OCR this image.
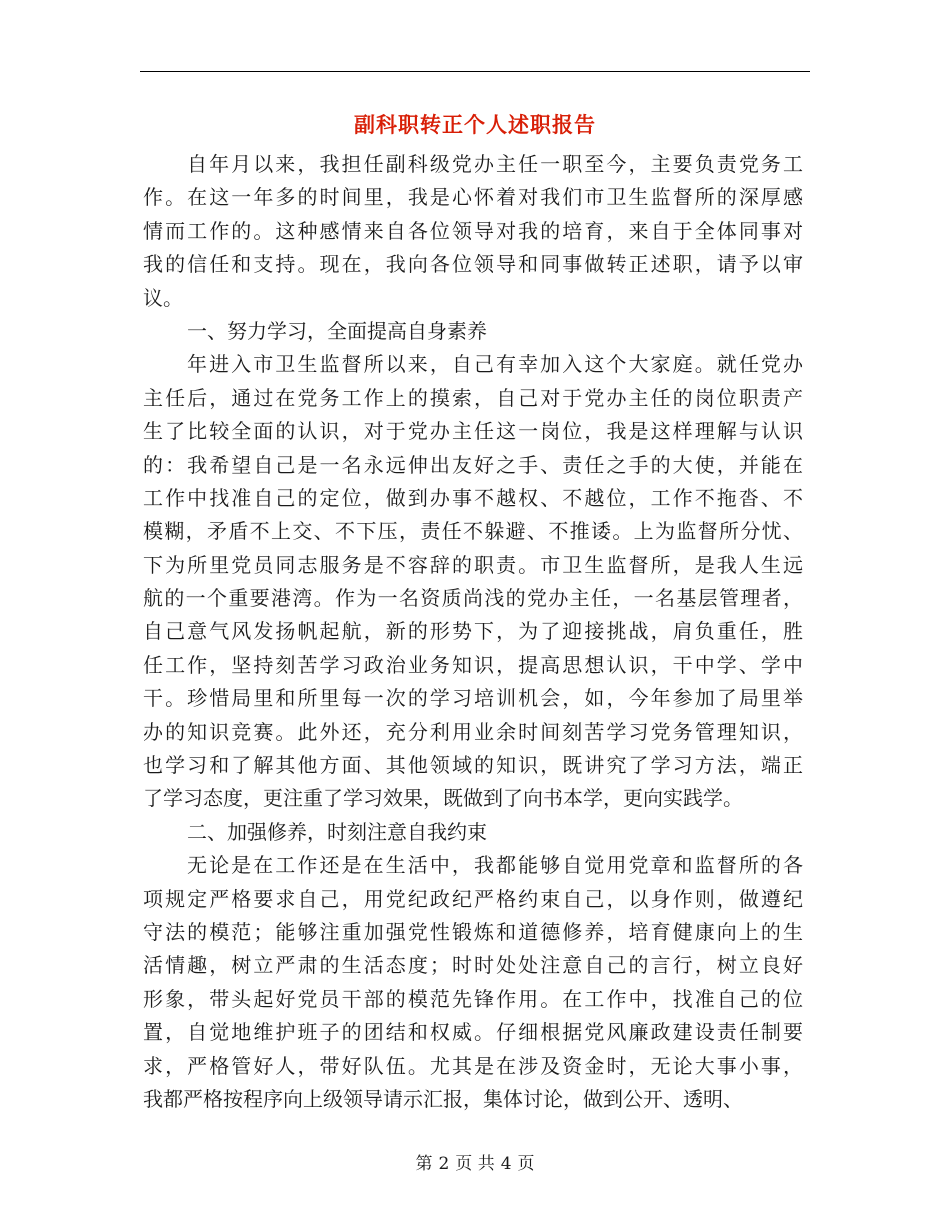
副科职转正个人述职报告
自年月以来，我担任副科级党办主任一职至今，主要负责党务工
作。在这一年多的时间里，我是心怀着对我们市卫生监督所的深厚感
情而工作的。这种感情来自各位领导对我的培育，来自于全体同事对
我的信任和支持。现在，我向各位领导和同事做转正述职，请予以审
议。
一、努力学习，全面提高自身素养
年进入市卫生监督所以来，自己有幸加入这个大家庭。就任党办
主任后，通过在党务工作上的摸索，自己对于党办主任的岗位职责产
生了比较全面的认识，对于党办主任这一岗位，我是这样理解与认识
的：我希望自己是一名永远伸出友好之手、责任之手的大使，并能在
工作中找准自己的定位，做到办事不越权、不越位，工作不拖沓、不
模糊，矛盾不上交、不下压，责任不躲避、不推诿。上为监督所分忧、
下为所里党员同志服务是不容辞的职责。市卫生监督所，是我人生远
航的一个重要港湾。作为一名资质尚浅的党办主任，一名基层管理者，
自己意气风发扬帆起航，新的形势下，为了迎接挑战，肩负重任，胜
任工作，坚持刻苦学习政治业务知识，提高思想认识，干中学、学中
干。珍惜局里和所里每一次的学习培训机会，如，今年参加了局里举
办的知识竞赛。此外还，充分利用业余时间刻苦学习党务管理知识，
也学习和了解其他方面、其他领域的知识，既讲究了学习方法，端正
了学习态度，更注重了学习效果，既做到了向书本学，更向实践学。
二、加强修养，时刻注意自我约束
无论是在工作还是在生活中，我都能够自觉用党章和监督所的各
项规定严格要求自己，用党纪政纪严格约束自己，以身作则，做遵纪
守法的模范；能够注重加强党性锻炼和道德修养，培育健康向上的生
活情趣，树立严肃的生活态度；时时处处注意自己的言行，树立良好
形象，带头起好党员干部的模范先锋作用。在工作中，找准自己的位
置，自觉地维护班子的团结和权威。仔细根据党风廉政建设责任制要
求，严格管好人，带好队伍。尤其是在涉及资金时，无论大事小事，
我都严格按程序向上级领导请示汇报，集体讨论，做到公开、透明、
第 2 页 共 4 页
